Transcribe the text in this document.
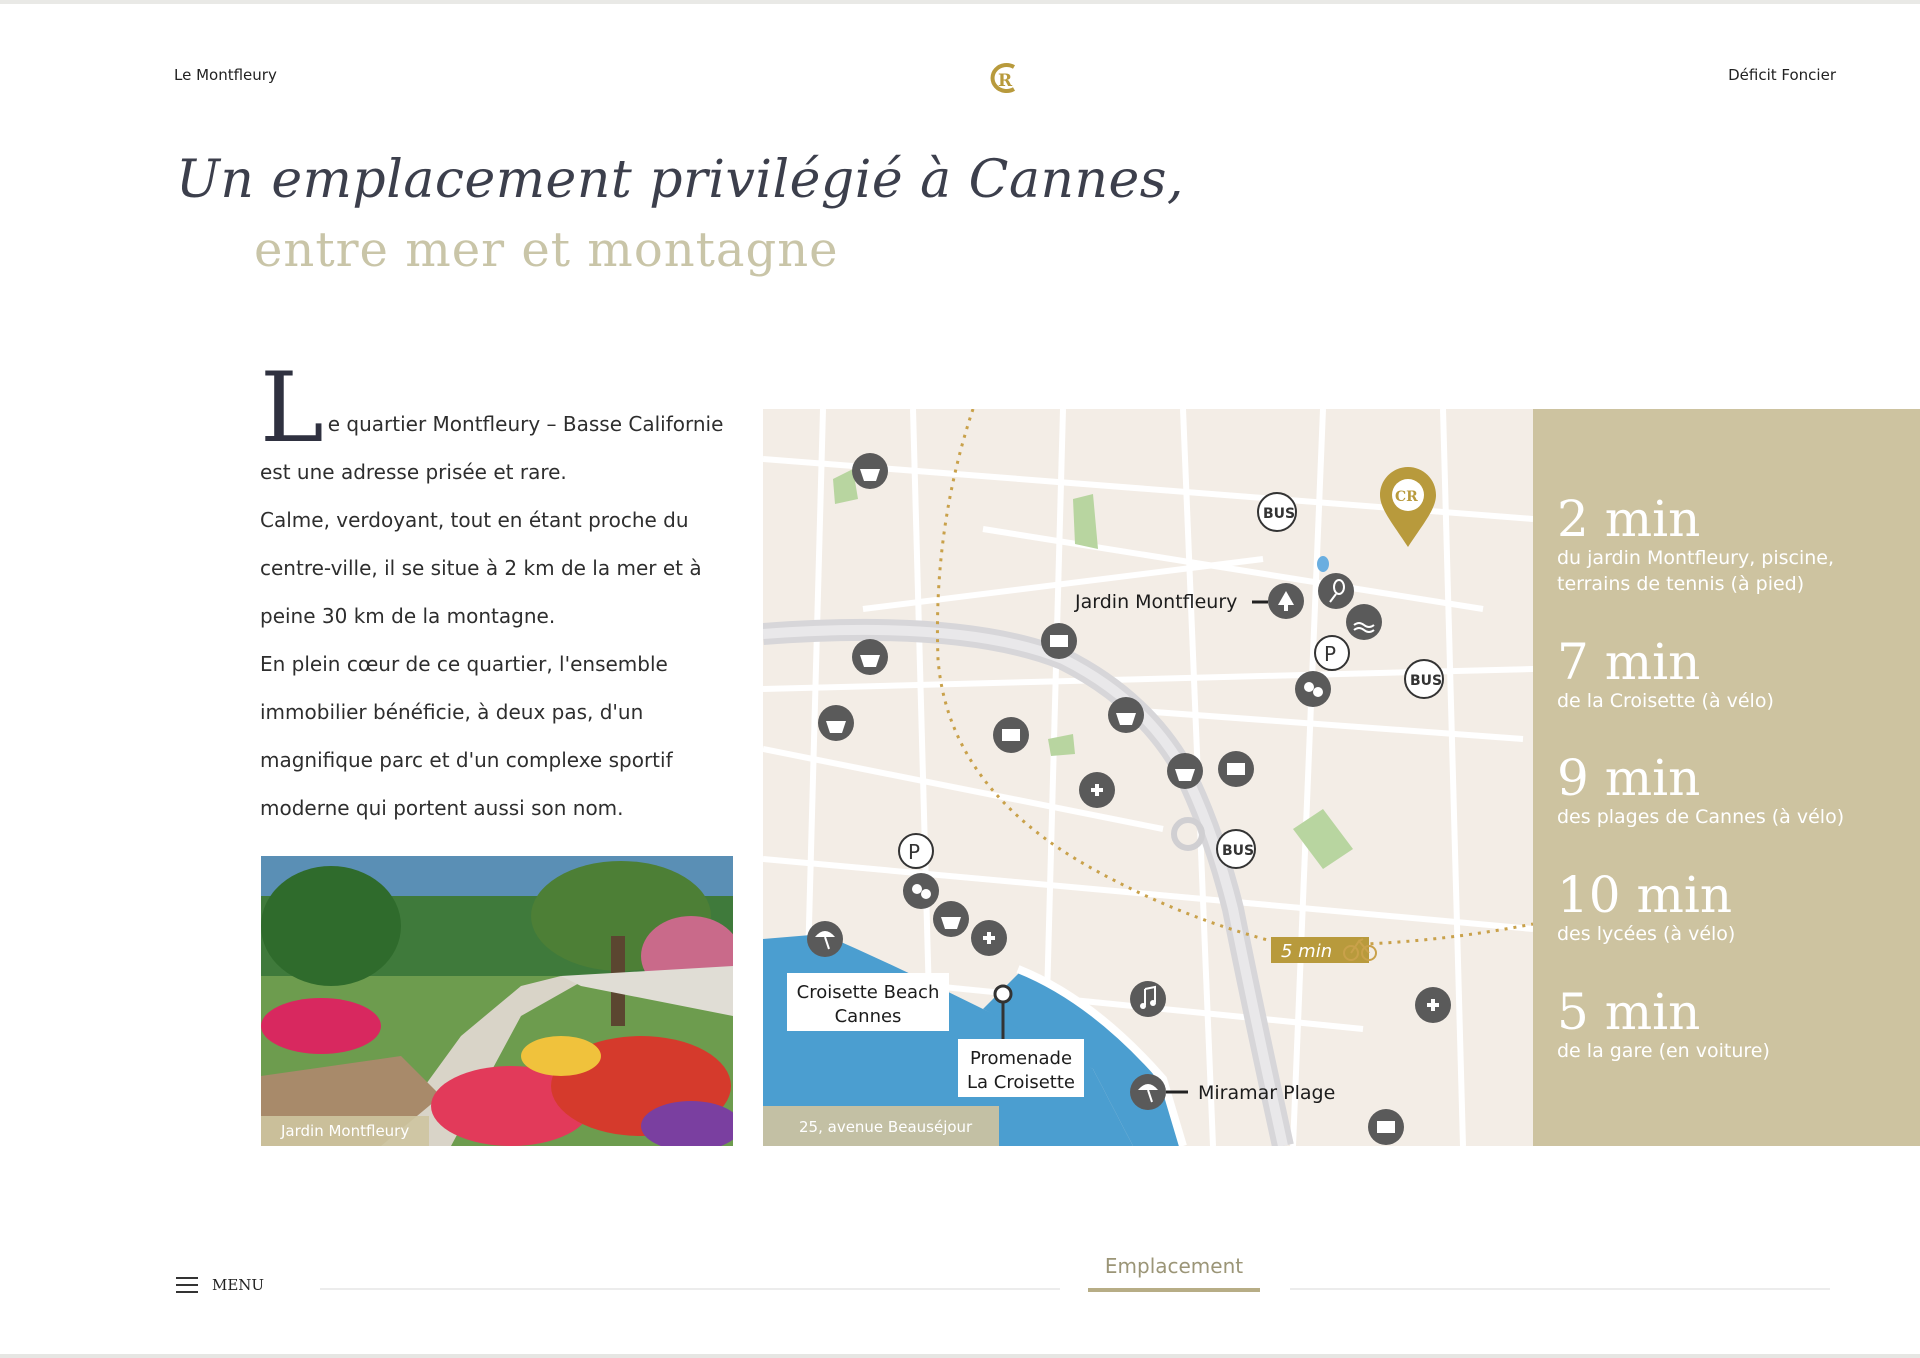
Le Montfleury	R	Déficit Foncier
Un emplacement privilégié à Cannes,
entre mer et montagne
L e quartier Montfleury – Basse Californie est une adresse prisée et rare.

Calme, verdoyant, tout en étant proche du centre-ville, il se situe à 2 km de la mer et à peine 30 km de la montagne.

En plein cœur de ce quartier, l'ensemble immobilier bénéficie, à deux pas, d'un magnifique parc et d'un complexe sportif moderne qui portent aussi son nom.

Jardin Montfleury
CR
5 min
P
P
BUS
BUS
BUS
Jardin Montfleury
Croisette Beach
Cannes
Promenade
La Croisette	Miramar Plage
25, avenue Beauséjour
2 min
du jardin Montfleury, piscine,
terrains de tennis (à pied)
7 min
de la Croisette (à vélo)
9 min
des plages de Cannes (à vélo)
10 min
des lycées (à vélo)
5 min
de la gare (en voiture)
MENU
Emplacement
